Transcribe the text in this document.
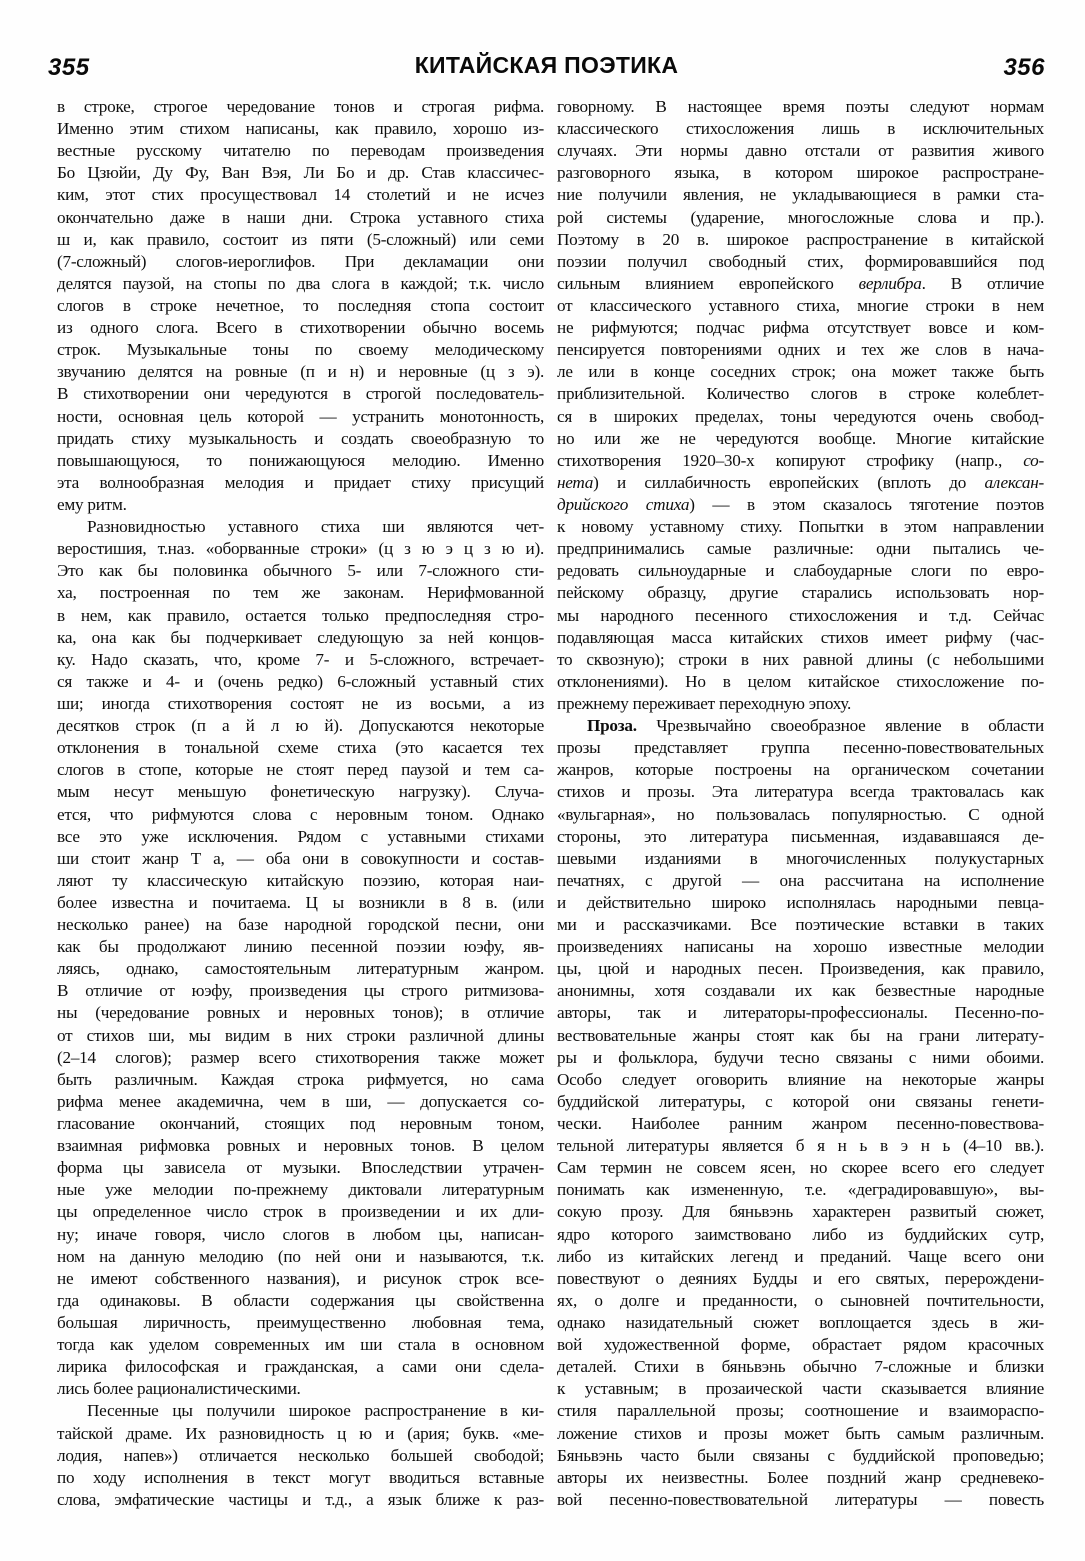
355	КИТАЙСКАЯ ПОЭТИКА	356
в строке, строгое чередование тонов и строгая рифма.
Именно этим стихом написаны, как правило, хорошо из-
вестные русскому читателю по переводам произведения
Бо Цзюйи, Ду Фу, Ван Вэя, Ли Бо и др. Став классичес-
ким, этот стих просуществовал 14 столетий и не исчез
окончательно даже в наши дни. Строка уставного стиха
ш и, как правило, состоит из пяти (5-сложный) или семи
(7-сложный) слогов-иероглифов. При декламации они
делятся паузой, на стопы по два слога в каждой; т.к. число
слогов в строке нечетное, то последняя стопа состоит
из одного слога. Всего в стихотворении обычно восемь
строк. Музыкальные тоны по своему мелодическому
звучанию делятся на ровные (п и н) и неровные (ц з э).
В стихотворении они чередуются в строгой последователь-
ности, основная цель которой — устранить монотонность,
придать стиху музыкальность и создать своеобразную то
повышающуюся, то понижающуюся мелодию. Именно
эта волнообразная мелодия и придает стиху присущий
ему ритм.
Разновидностью уставного стиха ши являются чет-
веростишия, т.наз. «оборванные строки» (ц з ю э ц з ю и).
Это как бы половинка обычного 5- или 7-сложного сти-
ха, построенная по тем же законам. Нерифмованной
в нем, как правило, остается только предпоследняя стро-
ка, она как бы подчеркивает следующую за ней концов-
ку. Надо сказать, что, кроме 7- и 5-сложного, встречает-
ся также и 4- и (очень редко) 6-сложный уставный стих
ши; иногда стихотворения состоят не из восьми, а из
десятков строк (п а й л ю й). Допускаются некоторые
отклонения в тональной схеме стиха (это касается тех
слогов в стопе, которые не стоят перед паузой и тем са-
мым несут меньшую фонетическую нагрузку). Случа-
ется, что рифмуются слова с неровным тоном. Однако
все это уже исключения. Рядом с уставными стихами
ши стоит жанр Т а, — оба они в совокупности и состав-
ляют ту классическую китайскую поэзию, которая наи-
более известна и почитаема. Ц ы возникли в 8 в. (или
несколько ранее) на базе народной городской песни, они
как бы продолжают линию песенной поэзии юэфу, яв-
ляясь, однако, самостоятельным литературным жанром.
В отличие от юэфу, произведения цы строго ритмизова-
ны (чередование ровных и неровных тонов); в отличие
от стихов ши, мы видим в них строки различной длины
(2–14 слогов); размер всего стихотворения также может
быть различным. Каждая строка рифмуется, но сама
рифма менее академична, чем в ши, — допускается со-
гласование окончаний, стоящих под неровным тоном,
взаимная рифмовка ровных и неровных тонов. В целом
форма цы зависела от музыки. Впоследствии утрачен-
ные уже мелодии по-прежнему диктовали литературным
цы определенное число строк в произведении и их дли-
ну; иначе говоря, число слогов в любом цы, написан-
ном на данную мелодию (по ней они и называются, т.к.
не имеют собственного названия), и рисунок строк все-
гда одинаковы. В области содержания цы свойственна
большая лиричность, преимущественно любовная тема,
тогда как уделом современных им ши стала в основном
лирика философская и гражданская, а сами они сдела-
лись более рационалистическими.
Песенные цы получили широкое распространение в ки-
тайской драме. Их разновидность ц ю и (ария; букв. «ме-
лодия, напев») отличается несколько большей свободой;
по ходу исполнения в текст могут вводиться вставные
слова, эмфатические частицы и т.д., а язык ближе к раз-
говорному. В настоящее время поэты следуют нормам
классического стихосложения лишь в исключительных
случаях. Эти нормы давно отстали от развития живого
разговорного языка, в котором широкое распростране-
ние получили явления, не укладывающиеся в рамки ста-
рой системы (ударение, многосложные слова и пр.).
Поэтому в 20 в. широкое распространение в китайской
поэзии получил свободный стих, формировавшийся под
сильным влиянием европейского верлибра. В отличие
от классического уставного стиха, многие строки в нем
не рифмуются; подчас рифма отсутствует вовсе и ком-
пенсируется повторениями одних и тех же слов в нача-
ле или в конце соседних строк; она может также быть
приблизительной. Количество слогов в строке колеблет-
ся в широких пределах, тоны чередуются очень свобод-
но или же не чередуются вообще. Многие китайские
стихотворения 1920–30-х копируют строфику (напр., со-
нета) и силлабичность европейских (вплоть до алексан-
дрийского стиха) — в этом сказалось тяготение поэтов
к новому уставному стиху. Попытки в этом направлении
предпринимались самые различные: одни пытались че-
редовать сильноударные и слабоударные слоги по евро-
пейскому образцу, другие старались использовать нор-
мы народного песенного стихосложения и т.д. Сейчас
подавляющая масса китайских стихов имеет рифму (час-
то сквозную); строки в них равной длины (с небольшими
отклонениями). Но в целом китайское стихосложение по-
прежнему переживает переходную эпоху.
Проза. Чрезвычайно своеобразное явление в области
прозы представляет группа песенно-повествовательных
жанров, которые построены на органическом сочетании
стихов и прозы. Эта литература всегда трактовалась как
«вульгарная», но пользовалась популярностью. С одной
стороны, это литература письменная, издававшаяся де-
шевыми изданиями в многочисленных полукустарных
печатнях, с другой — она рассчитана на исполнение
и действительно широко исполнялась народными певца-
ми и рассказчиками. Все поэтические вставки в таких
произведениях написаны на хорошо известные мелодии
цы, цюй и народных песен. Произведения, как правило,
анонимны, хотя создавали их как безвестные народные
авторы, так и литераторы-профессионалы. Песенно-по-
вествовательные жанры стоят как бы на грани литерату-
ры и фольклора, будучи тесно связаны с ними обоими.
Особо следует оговорить влияние на некоторые жанры
буддийской литературы, с которой они связаны генети-
чески. Наиболее ранним жанром песенно-повествова-
тельной литературы является б я н ь в э н ь (4–10 вв.).
Сам термин не совсем ясен, но скорее всего его следует
понимать как измененную, т.е. «деградировавшую», вы-
сокую прозу. Для бяньвэнь характерен развитый сюжет,
ядро которого заимствовано либо из буддийских сутр,
либо из китайских легенд и преданий. Чаще всего они
повествуют о деяниях Будды и его святых, перерождени-
ях, о долге и преданности, о сыновней почтительности,
однако назидательный сюжет воплощается здесь в жи-
вой художественной форме, обрастает рядом красочных
деталей. Стихи в бяньвэнь обычно 7-сложные и близки
к уставным; в прозаической части сказывается влияние
стиля параллельной прозы; соотношение и взаимораспо-
ложение стихов и прозы может быть самым различным.
Бяньвэнь часто были связаны с буддийской проповедью;
авторы их неизвестны. Более поздний жанр средневеко-
вой песенно-повествовательной литературы — повесть
